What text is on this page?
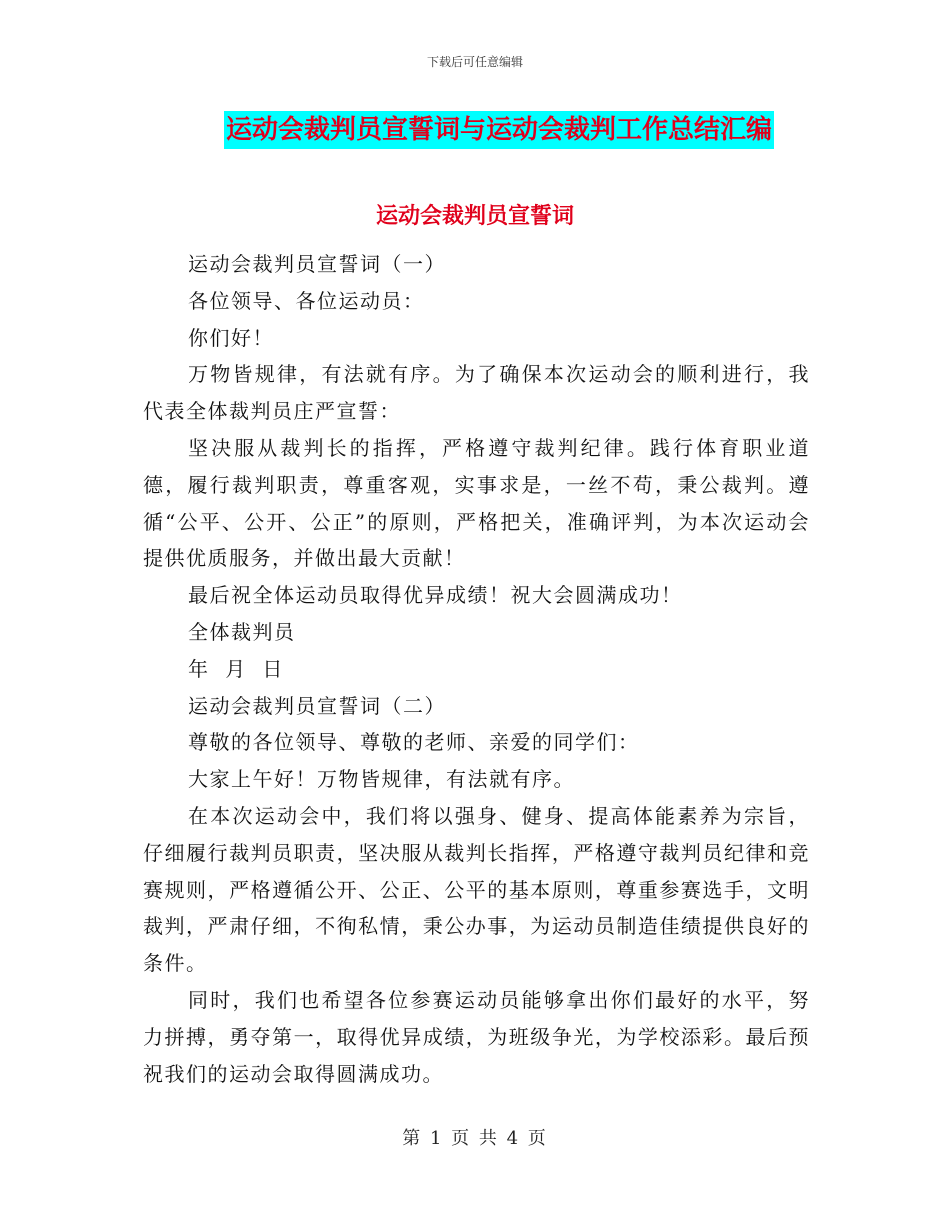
下载后可任意编辑
运动会裁判员宣誓词与运动会裁判工作总结汇编
运动会裁判员宣誓词

运动会裁判员宣誓词（一）

各位领导、各位运动员：

你们好！

万物皆规律，有法就有序。为了确保本次运动会的顺利进行，我代表全体裁判员庄严宣誓：

坚决服从裁判长的指挥，严格遵守裁判纪律。践行体育职业道德，履行裁判职责，尊重客观，实事求是，一丝不苟，秉公裁判。遵循“公平、公开、公正”的原则，严格把关，准确评判，为本次运动会提供优质服务，并做出最大贡献！

最后祝全体运动员取得优异成绩！祝大会圆满成功！

全体裁判员

年  月  日

运动会裁判员宣誓词（二）

尊敬的各位领导、尊敬的老师、亲爱的同学们：

大家上午好！万物皆规律，有法就有序。

在本次运动会中，我们将以强身、健身、提高体能素养为宗旨，仔细履行裁判员职责，坚决服从裁判长指挥，严格遵守裁判员纪律和竞赛规则，严格遵循公开、公正、公平的基本原则，尊重参赛选手，文明裁判，严肃仔细，不徇私情，秉公办事，为运动员制造佳绩提供良好的条件。

同时，我们也希望各位参赛运动员能够拿出你们最好的水平，努力拼搏，勇夺第一，取得优异成绩，为班级争光，为学校添彩。最后预祝我们的运动会取得圆满成功。

第 1 页 共 4 页
